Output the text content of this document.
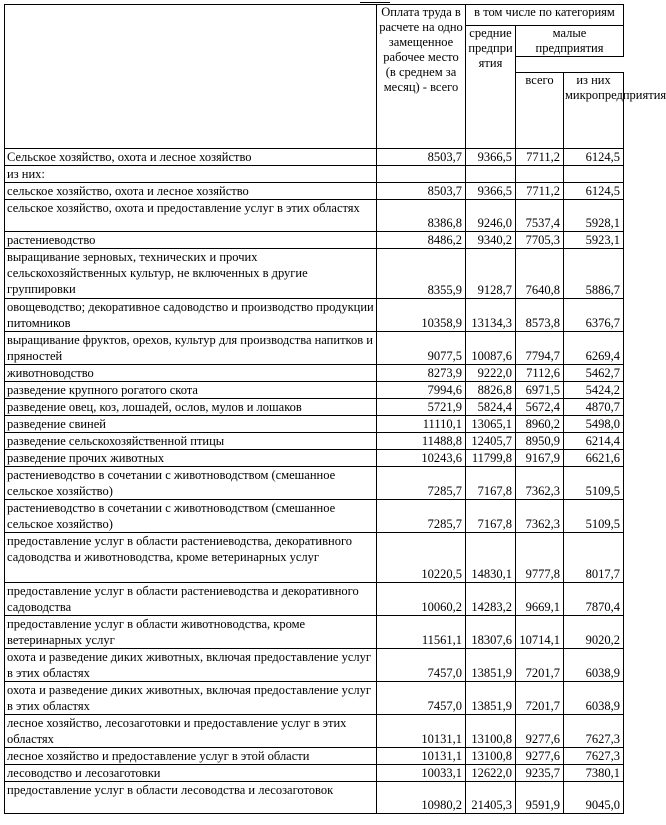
	Оплата труда в расчете на одно замещенное рабочее место (в среднем за месяц) - всего	в том числе по категориям		
		средние предприятия	малые предприятия	

			всего	из них микропредприятия
Сельское хозяйство, охота и лесное хозяйство	8503,7	9366,5	7711,2	6124,5
из них:				
сельское хозяйство, охота и лесное хозяйство	8503,7	9366,5	7711,2	6124,5
сельское хозяйство, охота и предоставление услуг в этих областях	8386,8	9246,0	7537,4	5928,1
растениеводство	8486,2	9340,2	7705,3	5923,1
выращивание зерновых, технических и прочих сельскохозяйственных культур, не включенных в другие группировки	8355,9	9128,7	7640,8	5886,7
овощеводство; декоративное садоводство и производство продукции питомников	10358,9	13134,3	8573,8	6376,7
выращивание фруктов, орехов, культур для производства напитков и пряностей	9077,5	10087,6	7794,7	6269,4
животноводство	8273,9	9222,0	7112,6	5462,7
разведение крупного рогатого скота	7994,6	8826,8	6971,5	5424,2
разведение овец, коз, лошадей, ослов, мулов и лошаков	5721,9	5824,4	5672,4	4870,7
разведение свиней	11110,1	13065,1	8960,2	5498,0
разведение сельскохозяйственной птицы	11488,8	12405,7	8950,9	6214,4
разведение прочих животных	10243,6	11799,8	9167,9	6621,6
растениеводство в сочетании с животноводством (смешанное сельское хозяйство)	7285,7	7167,8	7362,3	5109,5
растениеводство в сочетании с животноводством (смешанное сельское хозяйство)	7285,7	7167,8	7362,3	5109,5
предоставление услуг в области растениеводства, декоративного садоводства и животноводства, кроме ветеринарных услуг	10220,5	14830,1	9777,8	8017,7
предоставление услуг в области растениеводства и декоративного садоводства	10060,2	14283,2	9669,1	7870,4
предоставление услуг в области животноводства, кроме ветеринарных услуг	11561,1	18307,6	10714,1	9020,2
охота и разведение диких животных, включая предоставление услуг в этих областях	7457,0	13851,9	7201,7	6038,9
охота и разведение диких животных, включая предоставление услуг в этих областях	7457,0	13851,9	7201,7	6038,9
лесное хозяйство, лесозаготовки и предоставление услуг в этих областях	10131,1	13100,8	9277,6	7627,3
лесное хозяйство и предоставление услуг в этой области	10131,1	13100,8	9277,6	7627,3
лесоводство и лесозаготовки	10033,1	12622,0	9235,7	7380,1
предоставление услуг в области лесоводства и лесозаготовок	10980,2	21405,3	9591,9	9045,0
